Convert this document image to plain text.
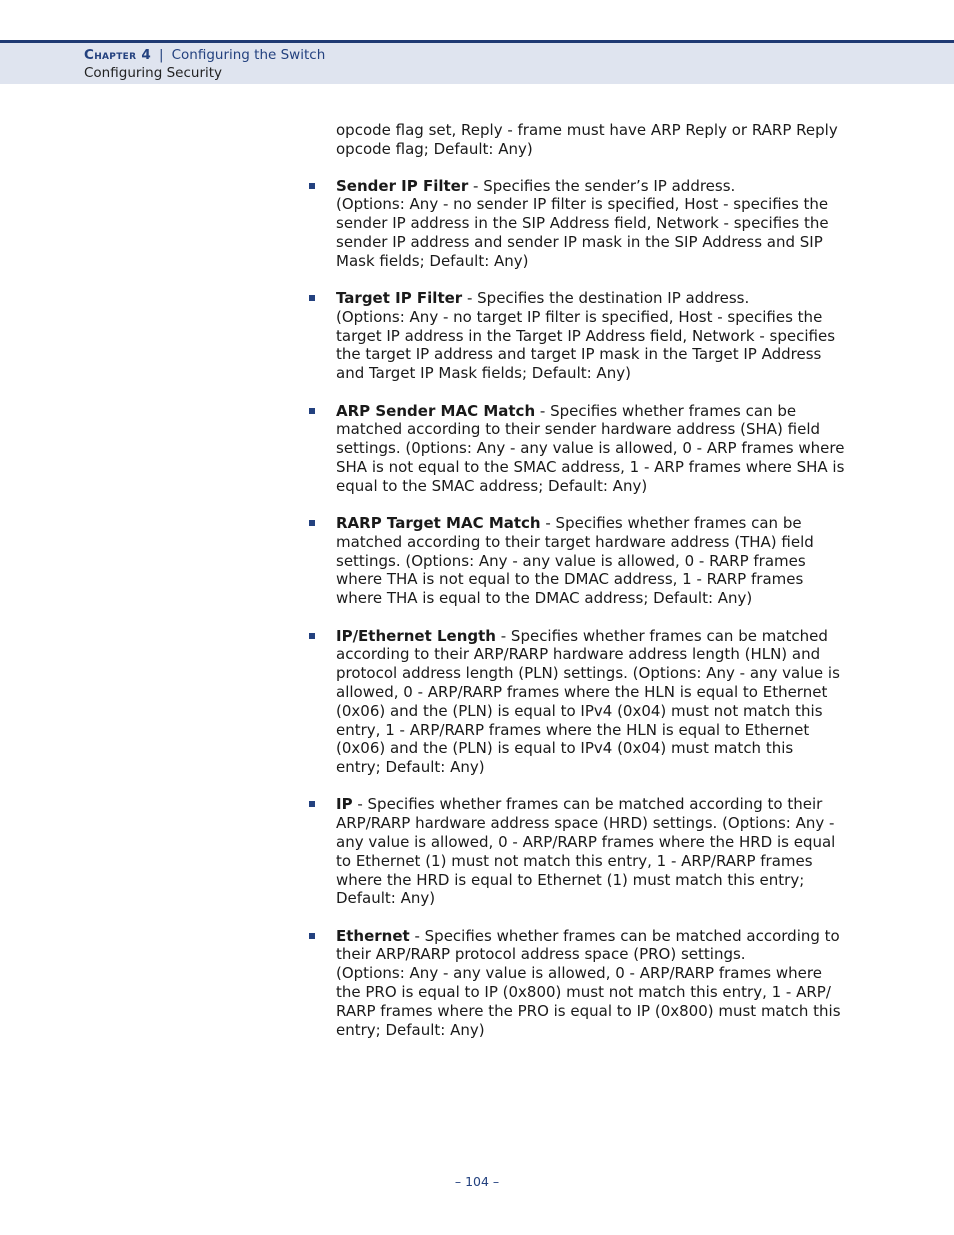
Chapter 4 | Configuring the Switch
Configuring Security

opcode flag set, Reply - frame must have ARP Reply or RARP Reply
opcode flag; Default: Any)

Sender IP Filter - Specifies the sender’s IP address.
(Options: Any - no sender IP filter is specified, Host - specifies the
sender IP address in the SIP Address field, Network - specifies the
sender IP address and sender IP mask in the SIP Address and SIP
Mask fields; Default: Any)
Target IP Filter - Specifies the destination IP address.
(Options: Any - no target IP filter is specified, Host - specifies the
target IP address in the Target IP Address field, Network - specifies
the target IP address and target IP mask in the Target IP Address
and Target IP Mask fields; Default: Any)
ARP Sender MAC Match - Specifies whether frames can be
matched according to their sender hardware address (SHA) field
settings. (0ptions: Any - any value is allowed, 0 - ARP frames where
SHA is not equal to the SMAC address, 1 - ARP frames where SHA is
equal to the SMAC address; Default: Any)
RARP Target MAC Match - Specifies whether frames can be
matched according to their target hardware address (THA) field
settings. (Options: Any - any value is allowed, 0 - RARP frames
where THA is not equal to the DMAC address, 1 - RARP frames
where THA is equal to the DMAC address; Default: Any)
IP/Ethernet Length - Specifies whether frames can be matched
according to their ARP/RARP hardware address length (HLN) and
protocol address length (PLN) settings. (Options: Any - any value is
allowed, 0 - ARP/RARP frames where the HLN is equal to Ethernet
(0x06) and the (PLN) is equal to IPv4 (0x04) must not match this
entry, 1 - ARP/RARP frames where the HLN is equal to Ethernet
(0x06) and the (PLN) is equal to IPv4 (0x04) must match this
entry; Default: Any)
IP - Specifies whether frames can be matched according to their
ARP/RARP hardware address space (HRD) settings. (Options: Any -
any value is allowed, 0 - ARP/RARP frames where the HRD is equal
to Ethernet (1) must not match this entry, 1 - ARP/RARP frames
where the HRD is equal to Ethernet (1) must match this entry;
Default: Any)
Ethernet - Specifies whether frames can be matched according to
their ARP/RARP protocol address space (PRO) settings.
(Options: Any - any value is allowed, 0 - ARP/RARP frames where
the PRO is equal to IP (0x800) must not match this entry, 1 - ARP/
RARP frames where the PRO is equal to IP (0x800) must match this
entry; Default: Any)
– 104 –
